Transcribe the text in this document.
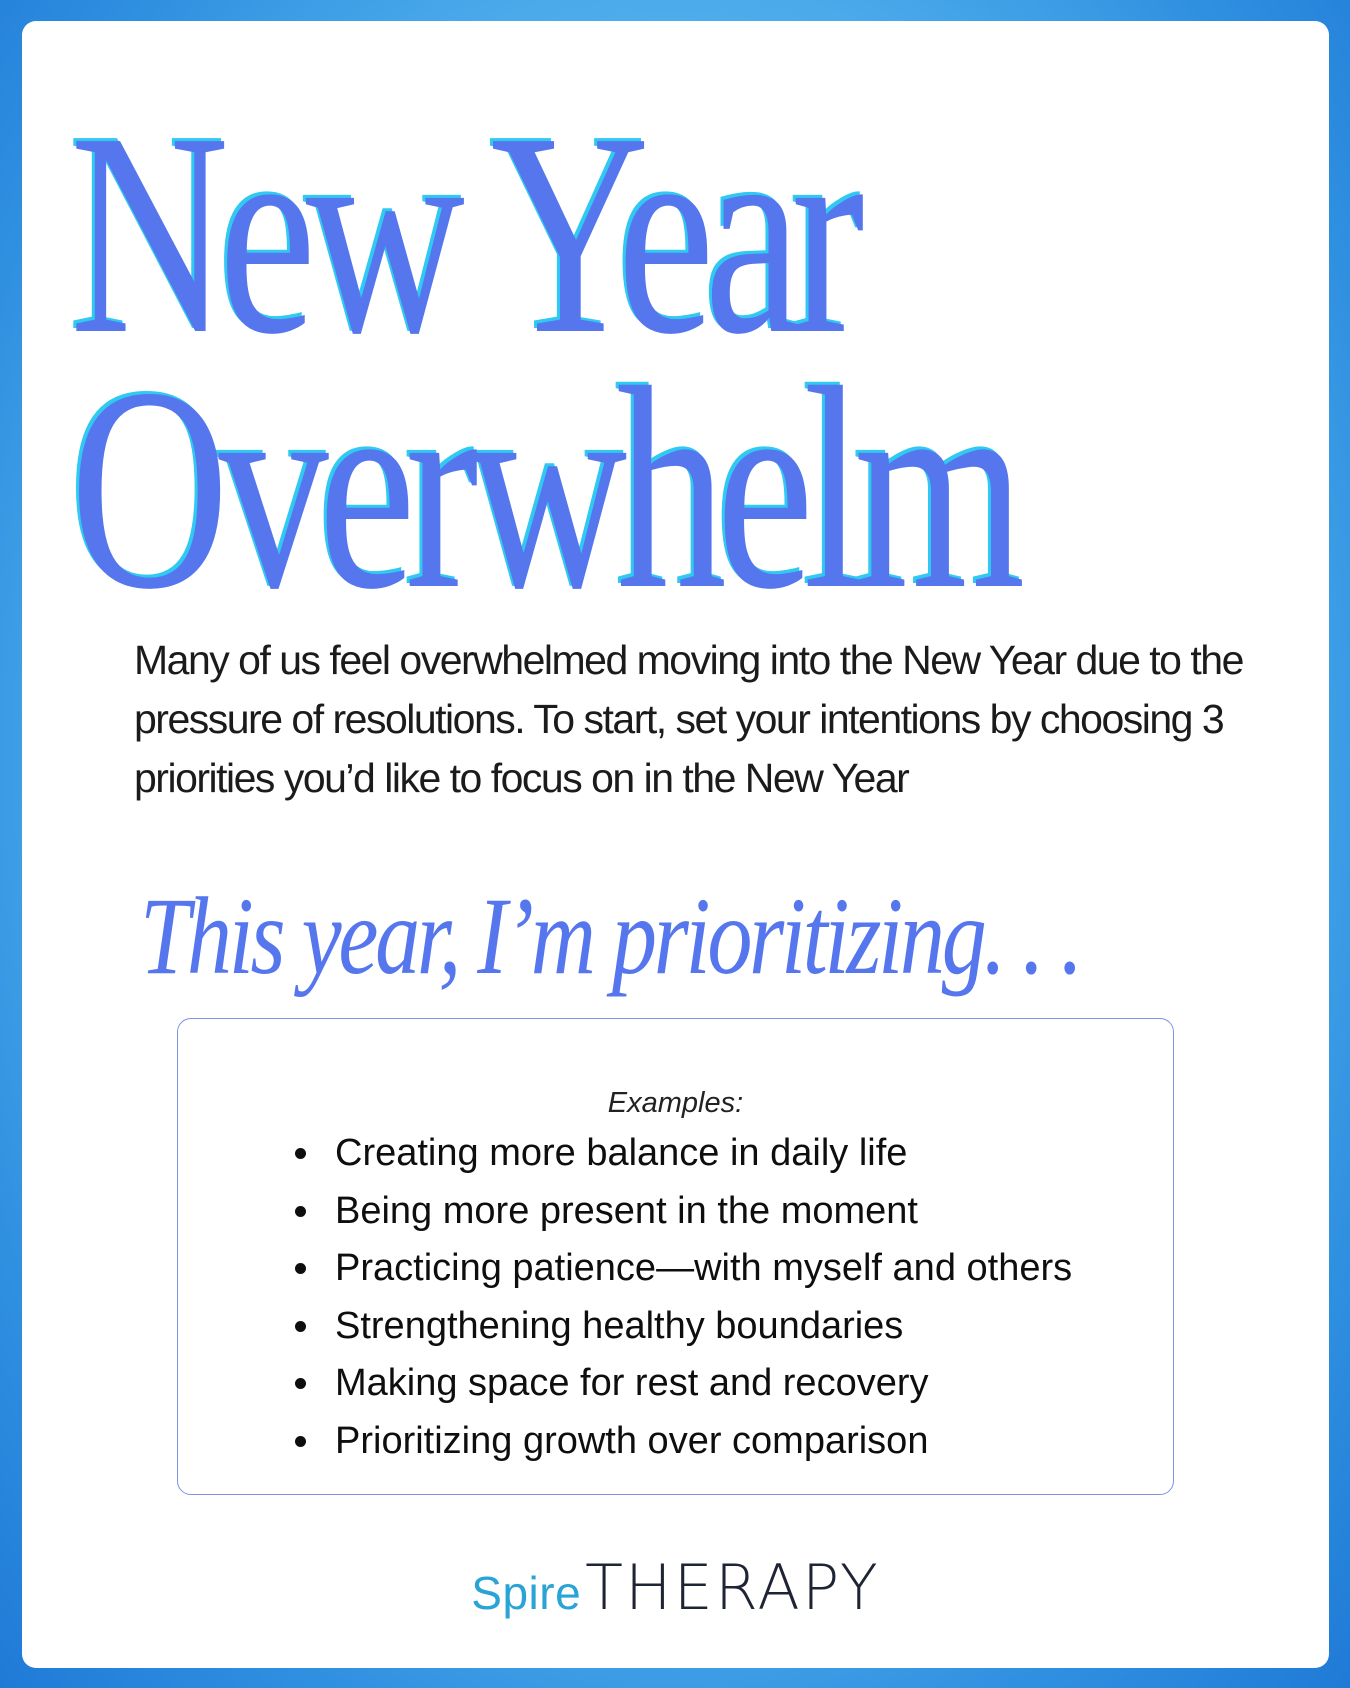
New Year
Overwhelm

Many of us feel overwhelmed moving into the New Year due to the pressure of resolutions. To start, set your intentions by choosing 3 priorities you’d like to focus on in the New Year

This year, I’m prioritizing. . .
Examples:
Creating more balance in daily life
Being more present in the moment
Practicing patience—with myself and others
Strengthening healthy boundaries
Making space for rest and recovery
Prioritizing growth over comparison
SpireTHERAPY
